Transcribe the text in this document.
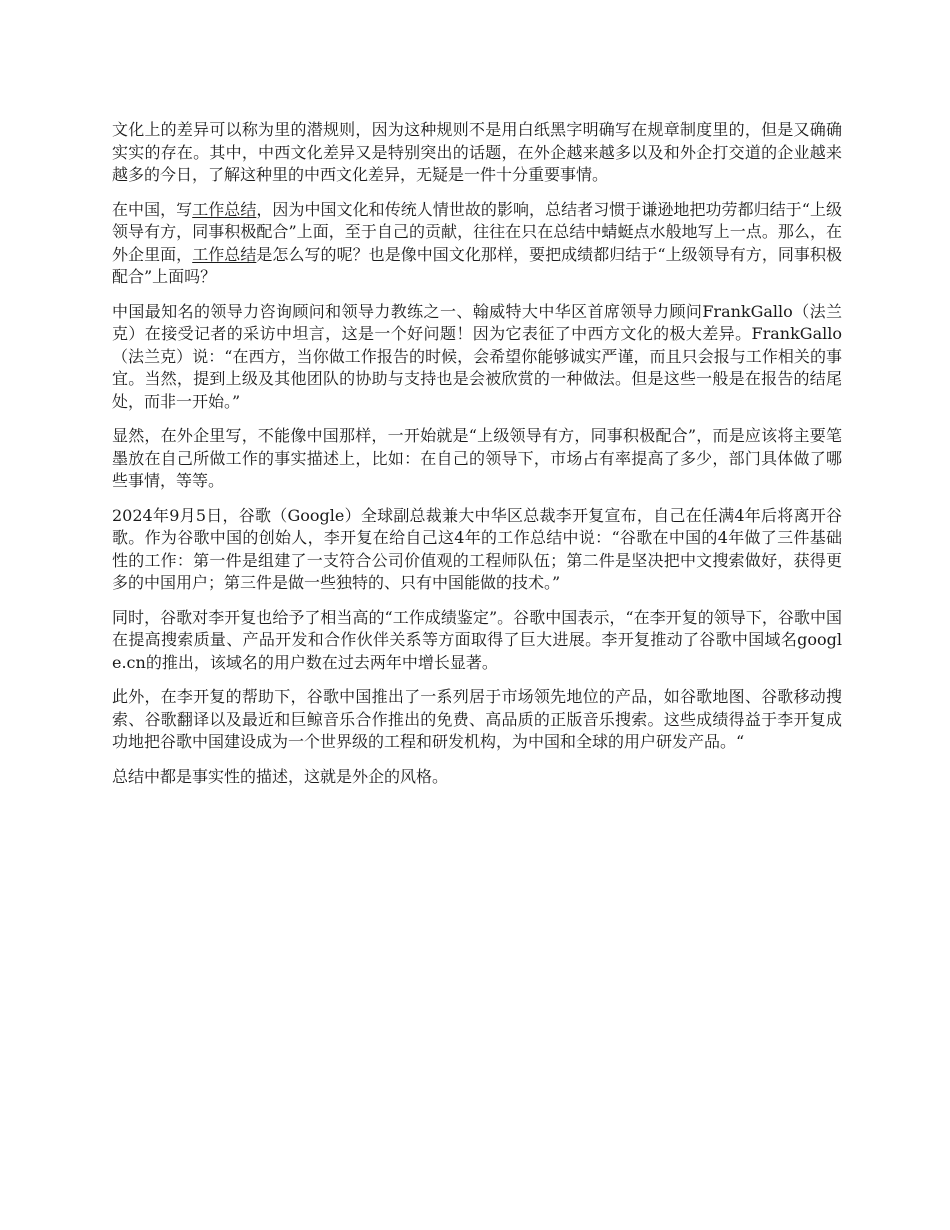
文化上的差异可以称为里的潜规则，因为这种规则不是用白纸黑字明确写在规章制度里的，但是又确确实实的存在。其中，中西文化差异又是特别突出的话题，在外企越来越多以及和外企打交道的企业越来越多的今日，了解这种里的中西文化差异，无疑是一件十分重要事情。

在中国，写工作总结，因为中国文化和传统人情世故的影响，总结者习惯于谦逊地把功劳都归结于“上级领导有方，同事积极配合”上面，至于自己的贡献，往往在只在总结中蜻蜓点水般地写上一点。那么，在外企里面，工作总结是怎么写的呢？也是像中国文化那样，要把成绩都归结于“上级领导有方，同事积极配合”上面吗？

中国最知名的领导力咨询顾问和领导力教练之一、翰威特大中华区首席领导力顾问FrankGallo（法兰克）在接受记者的采访中坦言，这是一个好问题！因为它表征了中西方文化的极大差异。FrankGallo（法兰克）说：“在西方，当你做工作报告的时候，会希望你能够诚实严谨，而且只会报与工作相关的事宜。当然，提到上级及其他团队的协助与支持也是会被欣赏的一种做法。但是这些一般是在报告的结尾处，而非一开始。”

显然，在外企里写，不能像中国那样，一开始就是“上级领导有方，同事积极配合”，而是应该将主要笔墨放在自己所做工作的事实描述上，比如：在自己的领导下，市场占有率提高了多少，部门具体做了哪些事情，等等。

2024年9月5日，谷歌（Google）全球副总裁兼大中华区总裁李开复宣布，自己在任满4年后将离开谷歌。作为谷歌中国的创始人，李开复在给自己这4年的工作总结中说：“谷歌在中国的4年做了三件基础性的工作：第一件是组建了一支符合公司价值观的工程师队伍；第二件是坚决把中文搜索做好，获得更多的中国用户；第三件是做一些独特的、只有中国能做的技术。”

同时，谷歌对李开复也给予了相当高的“工作成绩鉴定”。谷歌中国表示，“在李开复的领导下，谷歌中国在提高搜索质量、产品开发和合作伙伴关系等方面取得了巨大进展。李开复推动了谷歌中国域名google.cn的推出，该域名的用户数在过去两年中增长显著。

此外，在李开复的帮助下，谷歌中国推出了一系列居于市场领先地位的产品，如谷歌地图、谷歌移动搜索、谷歌翻译以及最近和巨鲸音乐合作推出的免费、高品质的正版音乐搜索。这些成绩得益于李开复成功地把谷歌中国建设成为一个世界级的工程和研发机构，为中国和全球的用户研发产品。“

总结中都是事实性的描述，这就是外企的风格。
